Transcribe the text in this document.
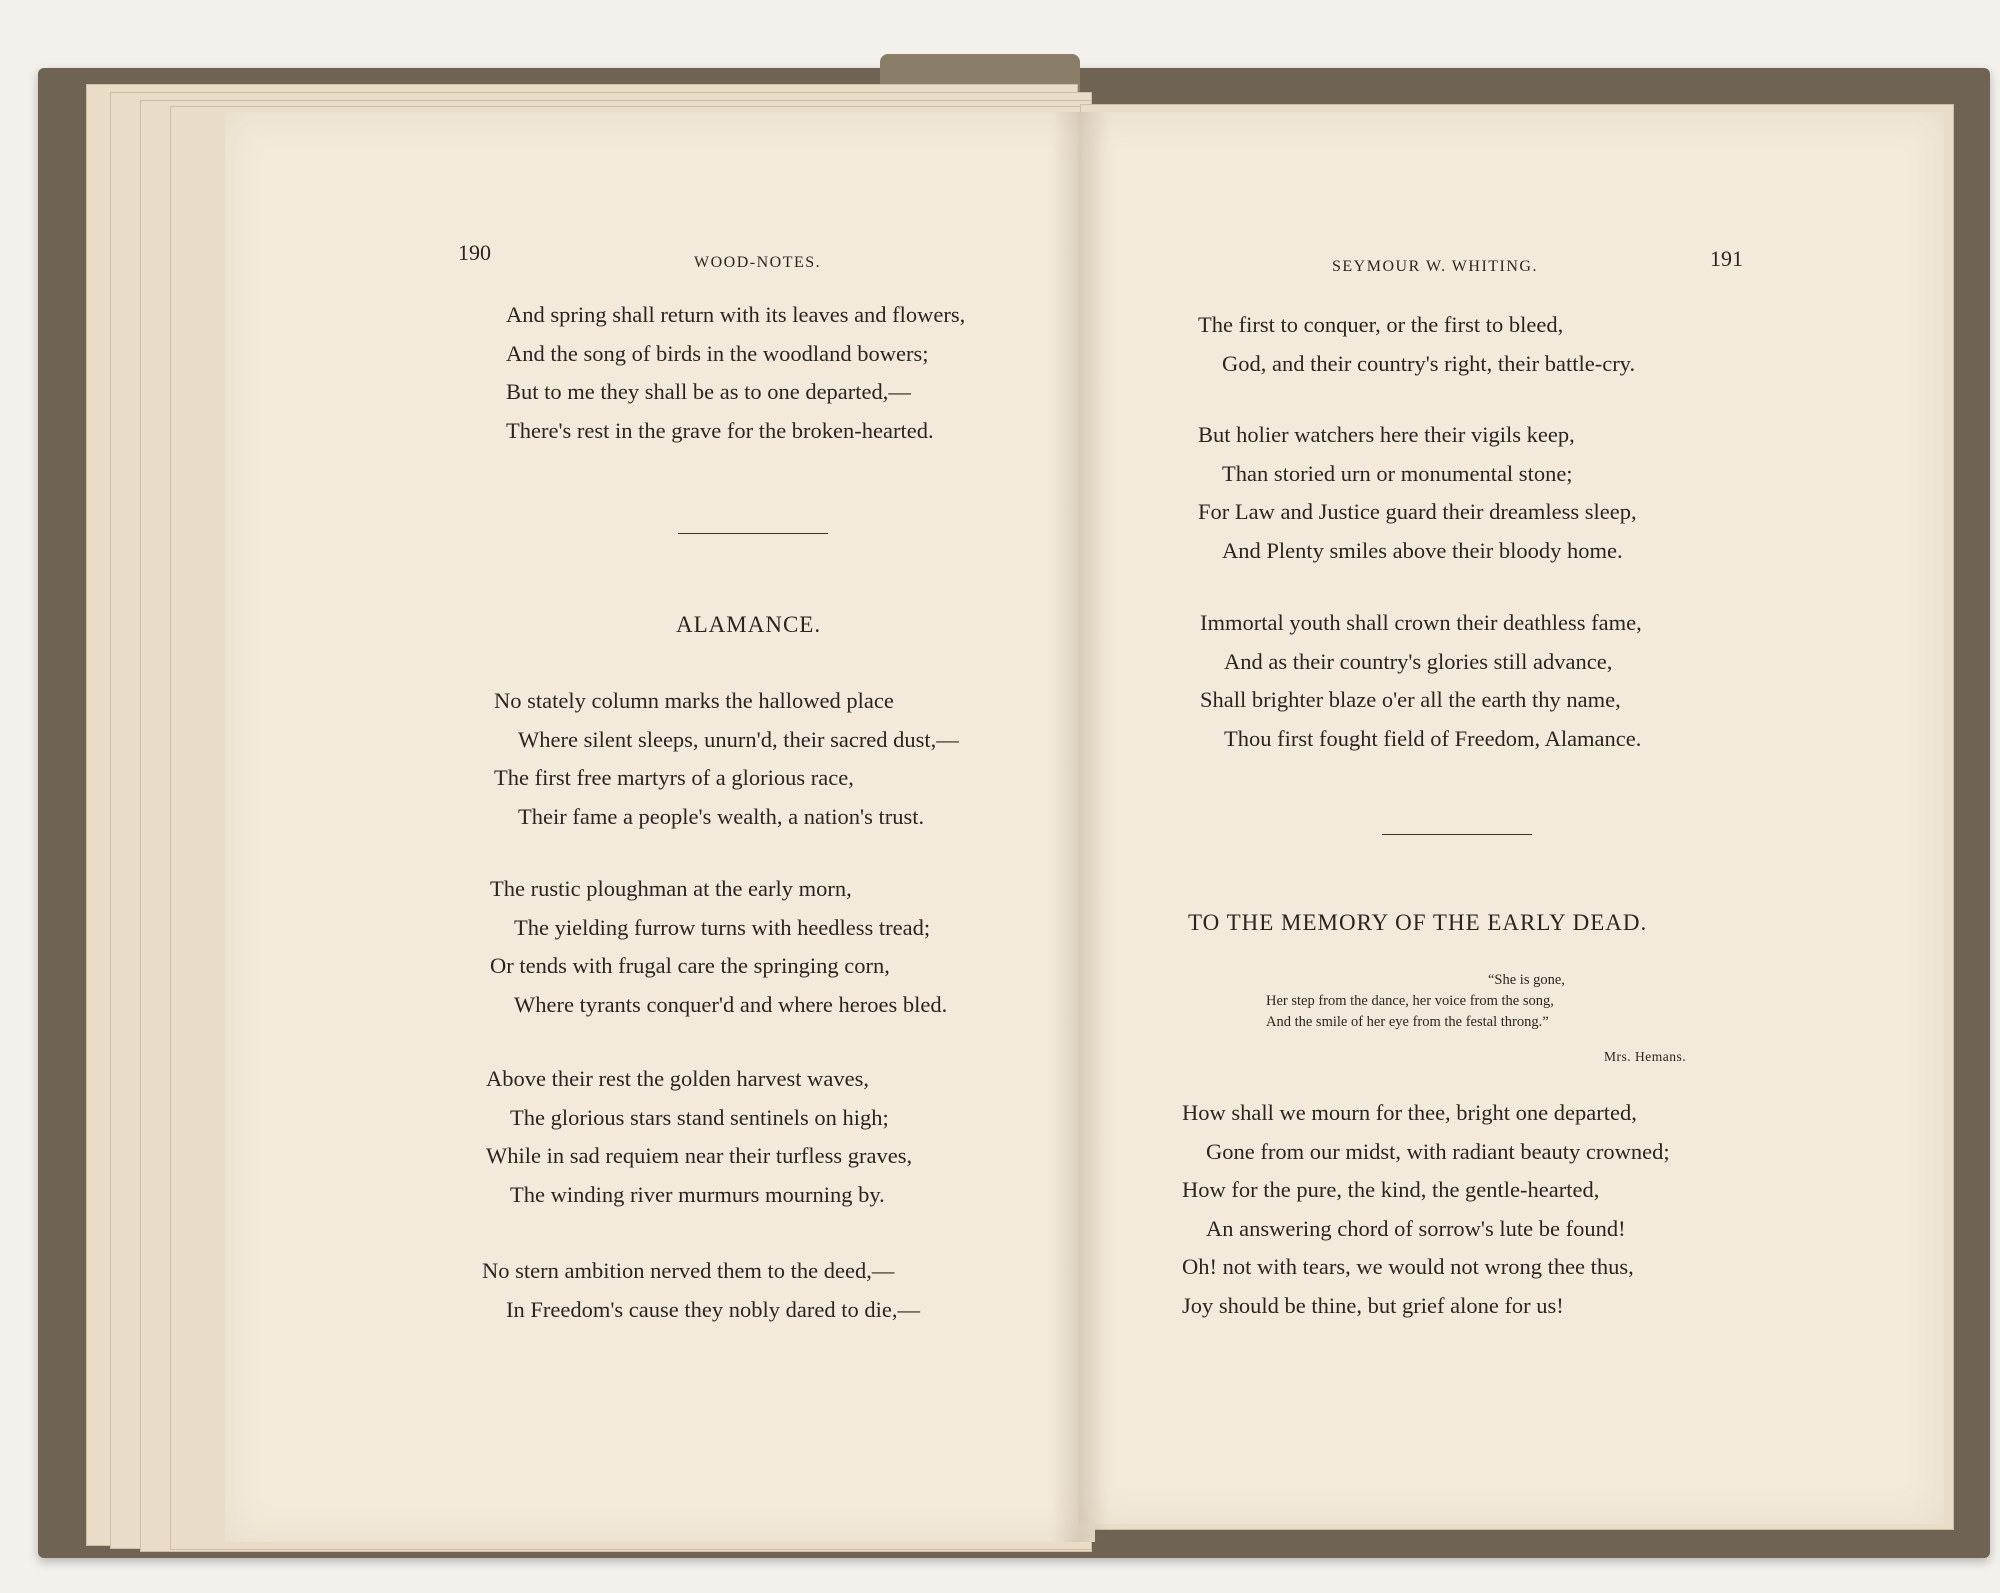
190	WOOD-NOTES.
And spring shall return with its leaves and flowers,
And the song of birds in the woodland bowers;
But to me they shall be as to one departed,—
There's rest in the grave for the broken-hearted.
ALAMANCE.
No stately column marks the hallowed place
Where silent sleeps, unurn'd, their sacred dust,—
The first free martyrs of a glorious race,
Their fame a people's wealth, a nation's trust.
The rustic ploughman at the early morn,
The yielding furrow turns with heedless tread;
Or tends with frugal care the springing corn,
Where tyrants conquer'd and where heroes bled.
Above their rest the golden harvest waves,
The glorious stars stand sentinels on high;
While in sad requiem near their turfless graves,
The winding river murmurs mourning by.
No stern ambition nerved them to the deed,—
In Freedom's cause they nobly dared to die,—
SEYMOUR W. WHITING.	191
The first to conquer, or the first to bleed,
God, and their country's right, their battle-cry.
But holier watchers here their vigils keep,
Than storied urn or monumental stone;
For Law and Justice guard their dreamless sleep,
And Plenty smiles above their bloody home.
Immortal youth shall crown their deathless fame,
And as their country's glories still advance,
Shall brighter blaze o'er all the earth thy name,
Thou first fought field of Freedom, Alamance.
TO THE MEMORY OF THE EARLY DEAD.
“She is gone,
Her step from the dance, her voice from the song,
And the smile of her eye from the festal throng.”
Mrs. Hemans.
How shall we mourn for thee, bright one departed,
Gone from our midst, with radiant beauty crowned;
How for the pure, the kind, the gentle-hearted,
An answering chord of sorrow's lute be found!
Oh! not with tears, we would not wrong thee thus,
Joy should be thine, but grief alone for us!
